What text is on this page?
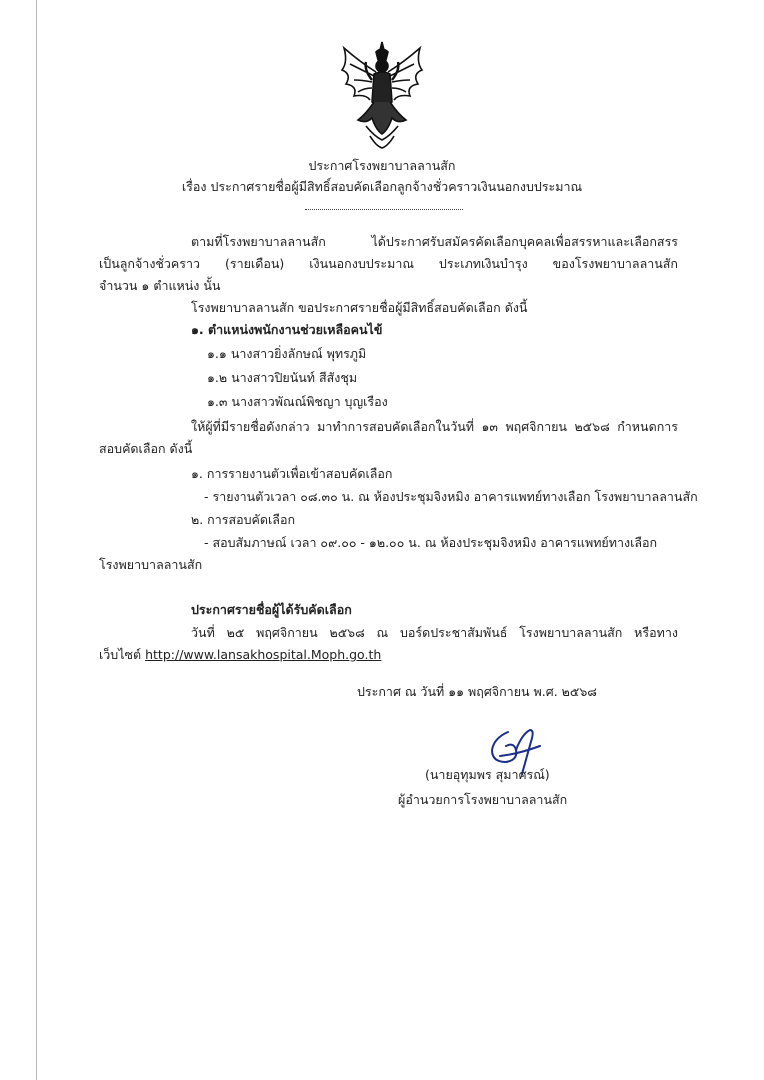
ประกาศโรงพยาบาลลานสัก
เรื่อง ประกาศรายชื่อผู้มีสิทธิ์สอบคัดเลือกลูกจ้างชั่วคราวเงินนอกงบประมาณ
ตามที่โรงพยาบาลลานสัก ได้ประกาศรับสมัครคัดเลือกบุคคลเพื่อสรรหาและเลือกสรร
เป็นลูกจ้างชั่วคราว (รายเดือน) เงินนอกงบประมาณ ประเภทเงินบำรุง ของโรงพยาบาลลานสัก
จำนวน ๑ ตำแหน่ง นั้น
โรงพยาบาลลานสัก ขอประกาศรายชื่อผู้มีสิทธิ์สอบคัดเลือก ดังนี้
๑. ตำแหน่งพนักงานช่วยเหลือคนไข้
๑.๑ นางสาวยิ่งลักษณ์ พุทรภูมิ
๑.๒ นางสาวปิยนันท์ สีสังชุม
๑.๓ นางสาวพัณณ์พิชญา บุญเรือง
ให้ผู้ที่มีรายชื่อดังกล่าว มาทำการสอบคัดเลือกในวันที่ ๑๓ พฤศจิกายน ๒๕๖๘ กำหนดการ
สอบคัดเลือก ดังนี้
๑. การรายงานตัวเพื่อเข้าสอบคัดเลือก
- รายงานตัวเวลา ๐๘.๓๐ น. ณ ห้องประชุมจิงหมิง อาคารแพทย์ทางเลือก โรงพยาบาลลานสัก
๒. การสอบคัดเลือก
- สอบสัมภาษณ์ เวลา ๐๙.๐๐ - ๑๒.๐๐ น. ณ ห้องประชุมจิงหมิง อาคารแพทย์ทางเลือก
โรงพยาบาลลานสัก
ประกาศรายชื่อผู้ได้รับคัดเลือก
วันที่ ๒๕ พฤศจิกายน ๒๕๖๘ ณ บอร์ดประชาสัมพันธ์ โรงพยาบาลลานสัก หรือทาง
เว็บไซต์ http://www.lansakhospital.Moph.go.th
ประกาศ ณ วันที่ ๑๑ พฤศจิกายน พ.ศ. ๒๕๖๘
(นายอุทุมพร สุมาศรณ์)
ผู้อำนวยการโรงพยาบาลลานสัก
